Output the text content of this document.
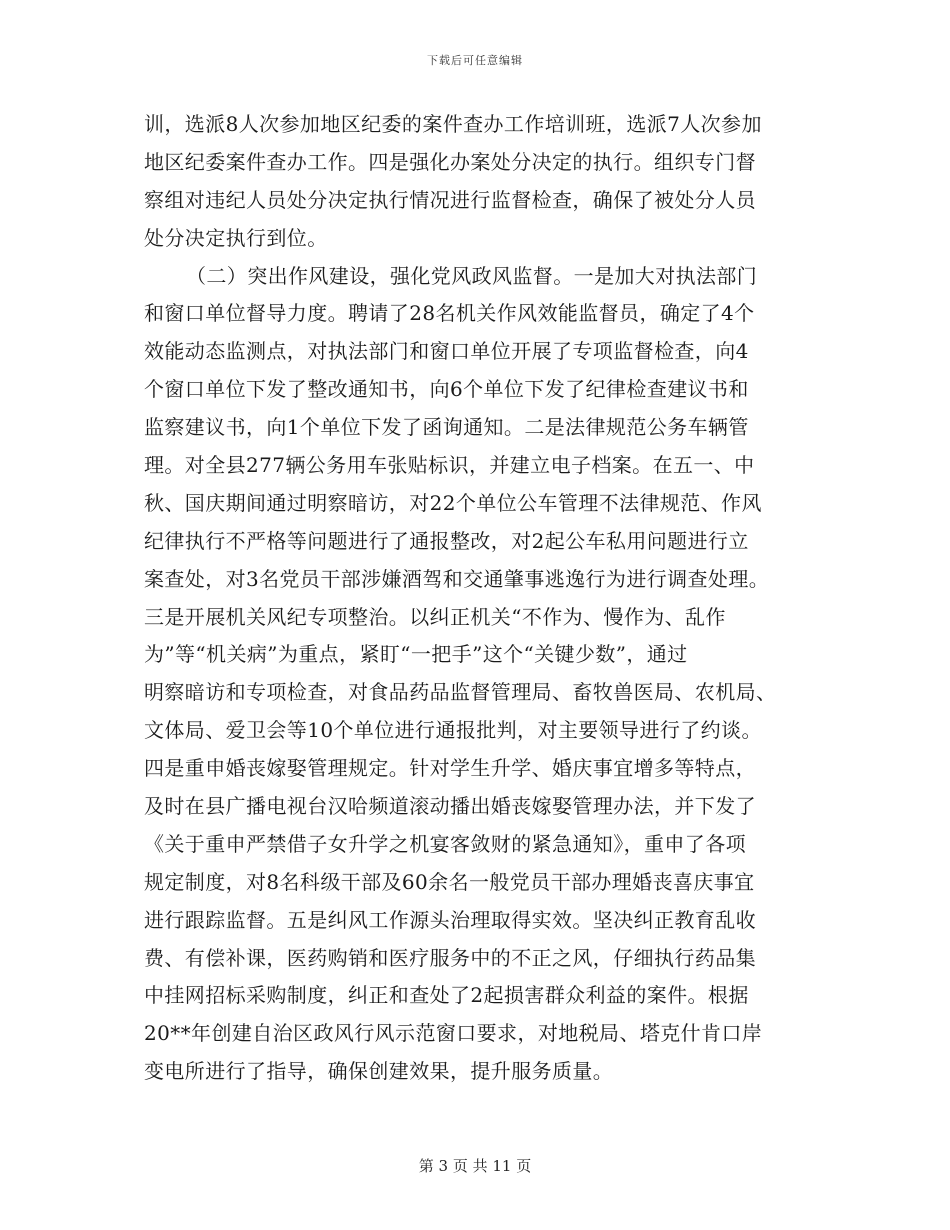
下载后可任意编辑
训，选派8人次参加地区纪委的案件查办工作培训班，选派7人次参加
地区纪委案件查办工作。四是强化办案处分决定的执行。组织专门督
察组对违纪人员处分决定执行情况进行监督检查，确保了被处分人员
处分决定执行到位。
（二）突出作风建设，强化党风政风监督。一是加大对执法部门
和窗口单位督导力度。聘请了28名机关作风效能监督员，确定了4个
效能动态监测点，对执法部门和窗口单位开展了专项监督检查，向4
个窗口单位下发了整改通知书，向6个单位下发了纪律检查建议书和
监察建议书，向1个单位下发了函询通知。二是法律规范公务车辆管
理。对全县277辆公务用车张贴标识，并建立电子档案。在五一、中
秋、国庆期间通过明察暗访，对22个单位公车管理不法律规范、作风
纪律执行不严格等问题进行了通报整改，对2起公车私用问题进行立
案查处，对3名党员干部涉嫌酒驾和交通肇事逃逸行为进行调查处理。
三是开展机关风纪专项整治。以纠正机关“不作为、慢作为、乱作
为”等“机关病”为重点，紧盯“一把手”这个“关键少数”，通过
明察暗访和专项检查，对食品药品监督管理局、畜牧兽医局、农机局、
文体局、爱卫会等10个单位进行通报批判，对主要领导进行了约谈。
四是重申婚丧嫁娶管理规定。针对学生升学、婚庆事宜增多等特点，
及时在县广播电视台汉哈频道滚动播出婚丧嫁娶管理办法，并下发了
《关于重申严禁借子女升学之机宴客敛财的紧急通知》，重申了各项
规定制度，对8名科级干部及60余名一般党员干部办理婚丧喜庆事宜
进行跟踪监督。五是纠风工作源头治理取得实效。坚决纠正教育乱收
费、有偿补课，医药购销和医疗服务中的不正之风，仔细执行药品集
中挂网招标采购制度，纠正和查处了2起损害群众利益的案件。根据
20**年创建自治区政风行风示范窗口要求，对地税局、塔克什肯口岸
变电所进行了指导，确保创建效果，提升服务质量。
第 3 页 共 11 页
